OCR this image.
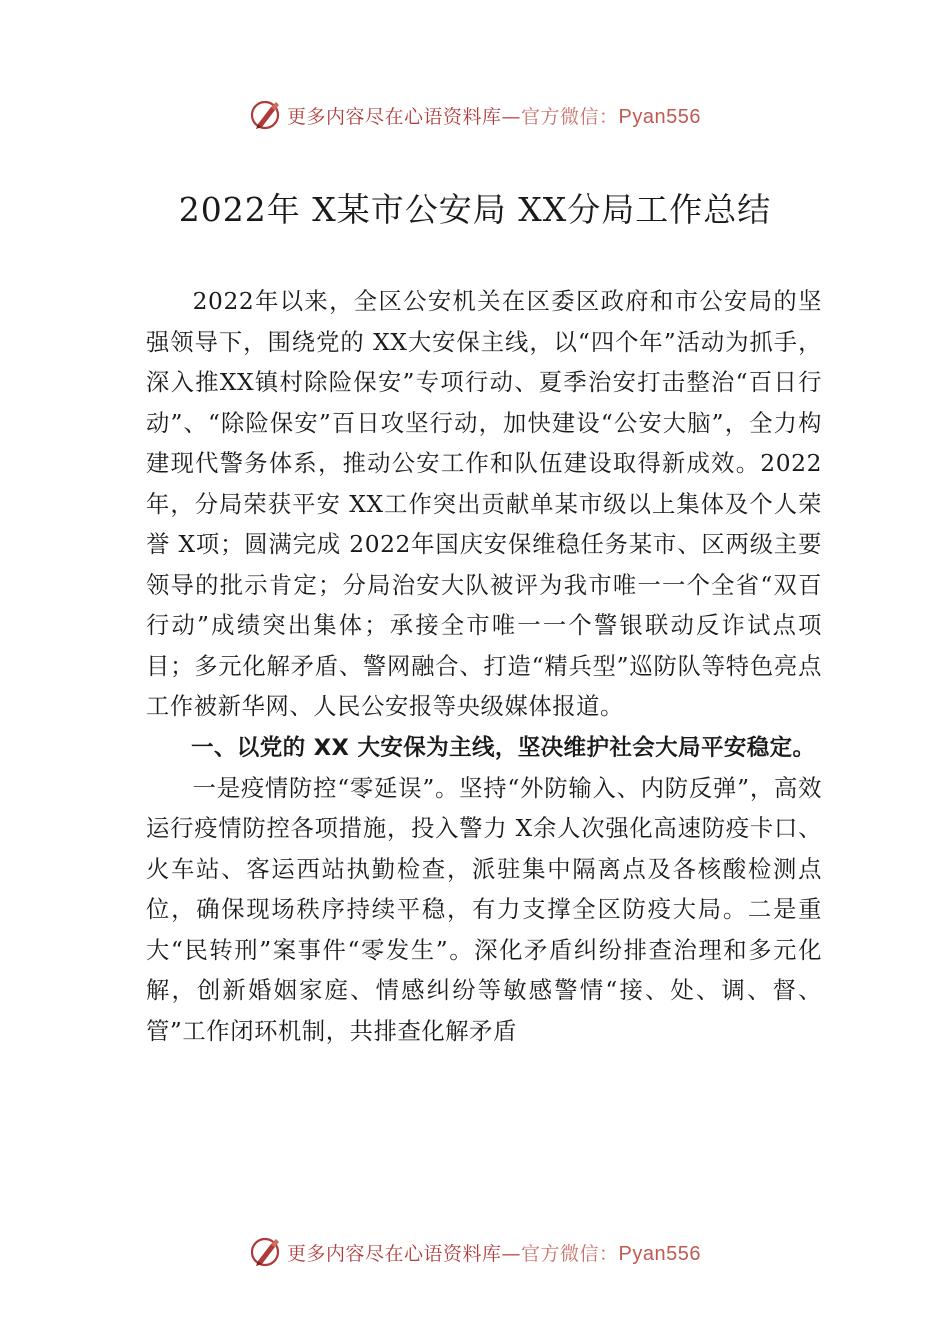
更多内容尽在心语资料库—官方微信：Pyan556
2022年 X某市公安局 XX分局工作总结

2022年以来，全区公安机关在区委区政府和市公安局的坚强领导下，围绕党的 XX大安保主线，以“四个年”活动为抓手，深入推XX镇村除险保安”专项行动、夏季治安打击整治“百日行动”、“除险保安”百日攻坚行动，加快建设“公安大脑”，全力构建现代警务体系，推动公安工作和队伍建设取得新成效。2022年，分局荣获平安 XX工作突出贡献单某市级以上集体及个人荣誉 X项；圆满完成 2022年国庆安保维稳任务某市、区两级主要领导的批示肯定；分局治安大队被评为我市唯一一个全省“双百行动”成绩突出集体；承接全市唯一一个警银联动反诈试点项目；多元化解矛盾、警网融合、打造“精兵型”巡防队等特色亮点工作被新华网、人民公安报等央级媒体报道。

一、以党的 XX 大安保为主线，坚决维护社会大局平安稳定。

一是疫情防控“零延误”。坚持“外防输入、内防反弹”，高效运行疫情防控各项措施，投入警力 X余人次强化高速防疫卡口、火车站、客运西站执勤检查，派驻集中隔离点及各核酸检测点位，确保现场秩序持续平稳，有力支撑全区防疫大局。二是重大“民转刑”案事件“零发生”。深化矛盾纠纷排查治理和多元化解，创新婚姻家庭、情感纠纷等敏感警情“接、处、调、督、管”工作闭环机制，共排查化解矛盾

更多内容尽在心语资料库—官方微信：Pyan556
